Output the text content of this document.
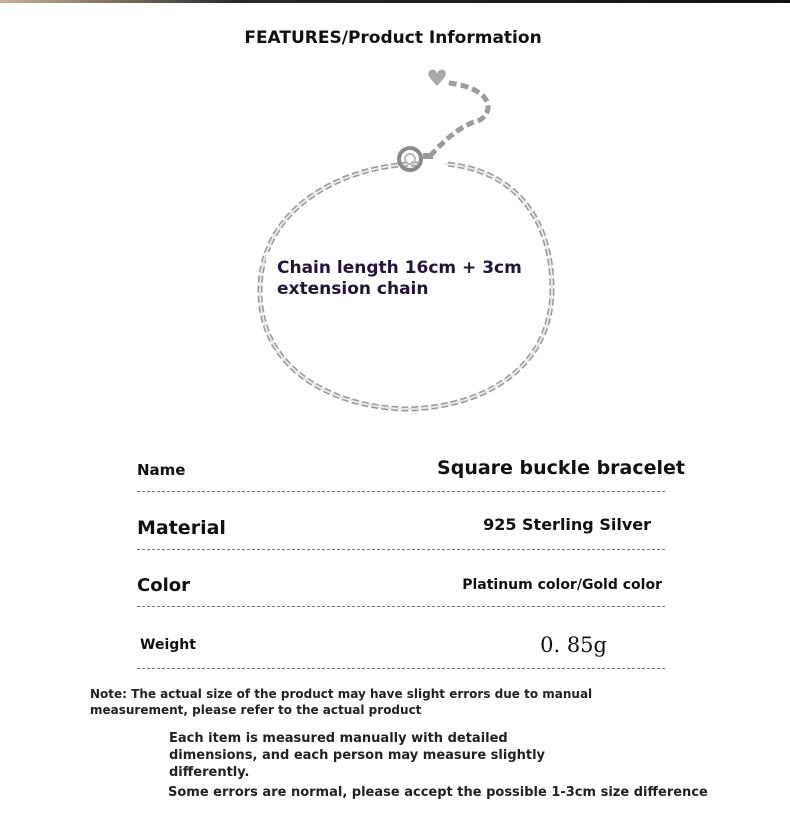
FEATURES/Product Information
Chain length 16cm + 3cm extension chain
Name	Square buckle bracelet
Material	925 Sterling Silver
Color	Platinum color/Gold color
Weight	0. 85g
Note: The actual size of the product may have slight errors due to manual measurement, please refer to the actual product
Each item is measured manually with detailed dimensions, and each person may measure slightly differently.
Some errors are normal, please accept the possible 1-3cm size difference
